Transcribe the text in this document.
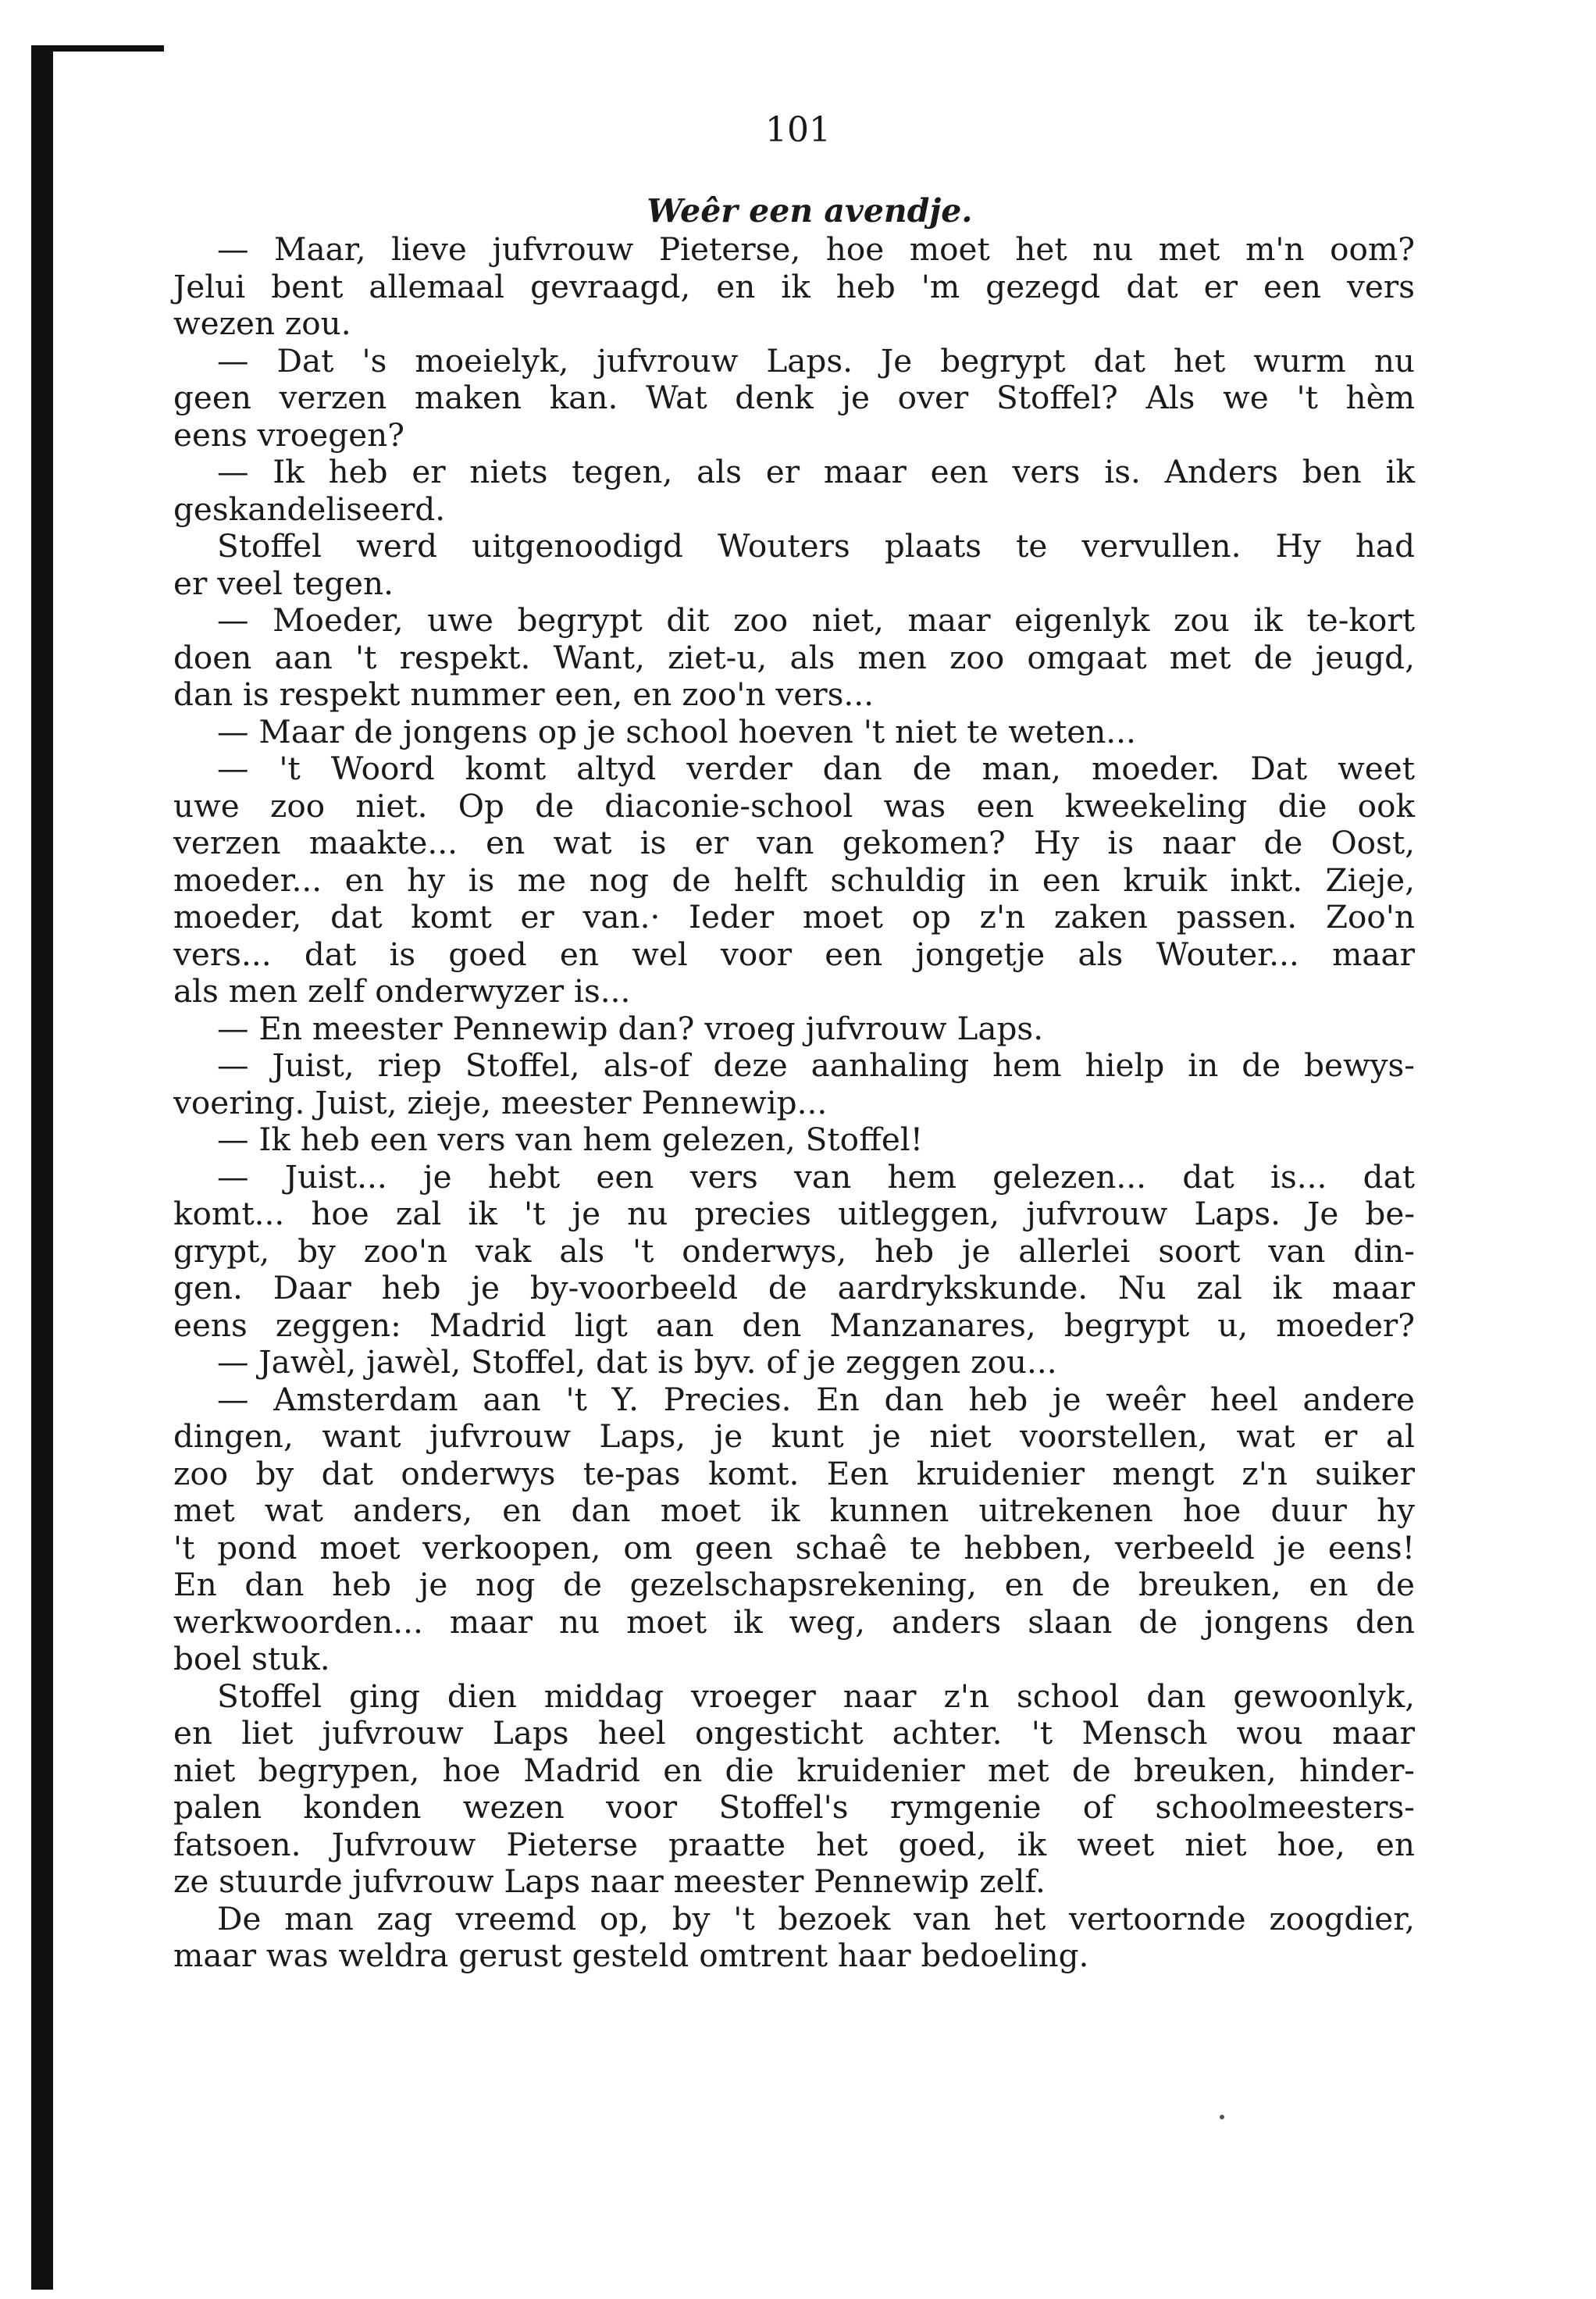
101
Weêr een avendje.
— Maar, lieve jufvrouw Pieterse, hoe moet het nu met m'n oom?
Jelui bent allemaal gevraagd, en ik heb 'm gezegd dat er een vers
wezen zou.
— Dat 's moeielyk, jufvrouw Laps. Je begrypt dat het wurm nu
geen verzen maken kan. Wat denk je over Stoffel? Als we 't hèm
eens vroegen?
— Ik heb er niets tegen, als er maar een vers is. Anders ben ik
geskandeliseerd.
Stoffel werd uitgenoodigd Wouters plaats te vervullen. Hy had
er veel tegen.
— Moeder, uwe begrypt dit zoo niet, maar eigenlyk zou ik te-kort
doen aan 't respekt. Want, ziet-u, als men zoo omgaat met de jeugd,
dan is respekt nummer een, en zoo'n vers...
— Maar de jongens op je school hoeven 't niet te weten...
— 't Woord komt altyd verder dan de man, moeder. Dat weet
uwe zoo niet. Op de diaconie-school was een kweekeling die ook
verzen maakte... en wat is er van gekomen? Hy is naar de Oost,
moeder... en hy is me nog de helft schuldig in een kruik inkt. Zieje,
moeder, dat komt er van.· Ieder moet op z'n zaken passen. Zoo'n
vers... dat is goed en wel voor een jongetje als Wouter... maar
als men zelf onderwyzer is...
— En meester Pennewip dan? vroeg jufvrouw Laps.
— Juist, riep Stoffel, als-of deze aanhaling hem hielp in de bewys-
voering. Juist, zieje, meester Pennewip...
— Ik heb een vers van hem gelezen, Stoffel!
— Juist... je hebt een vers van hem gelezen... dat is... dat
komt... hoe zal ik 't je nu precies uitleggen, jufvrouw Laps. Je be-
grypt, by zoo'n vak als 't onderwys, heb je allerlei soort van din-
gen. Daar heb je by-voorbeeld de aardrykskunde. Nu zal ik maar
eens zeggen: Madrid ligt aan den Manzanares, begrypt u, moeder?
— Jawèl, jawèl, Stoffel, dat is byv. of je zeggen zou...
— Amsterdam aan 't Y. Precies. En dan heb je weêr heel andere
dingen, want jufvrouw Laps, je kunt je niet voorstellen, wat er al
zoo by dat onderwys te-pas komt. Een kruidenier mengt z'n suiker
met wat anders, en dan moet ik kunnen uitrekenen hoe duur hy
't pond moet verkoopen, om geen schaê te hebben, verbeeld je eens!
En dan heb je nog de gezelschapsrekening, en de breuken, en de
werkwoorden... maar nu moet ik weg, anders slaan de jongens den
boel stuk.
Stoffel ging dien middag vroeger naar z'n school dan gewoonlyk,
en liet jufvrouw Laps heel ongesticht achter. 't Mensch wou maar
niet begrypen, hoe Madrid en die kruidenier met de breuken, hinder-
palen konden wezen voor Stoffel's rymgenie of schoolmeesters-
fatsoen. Jufvrouw Pieterse praatte het goed, ik weet niet hoe, en
ze stuurde jufvrouw Laps naar meester Pennewip zelf.
De man zag vreemd op, by 't bezoek van het vertoornde zoogdier,
maar was weldra gerust gesteld omtrent haar bedoeling.
